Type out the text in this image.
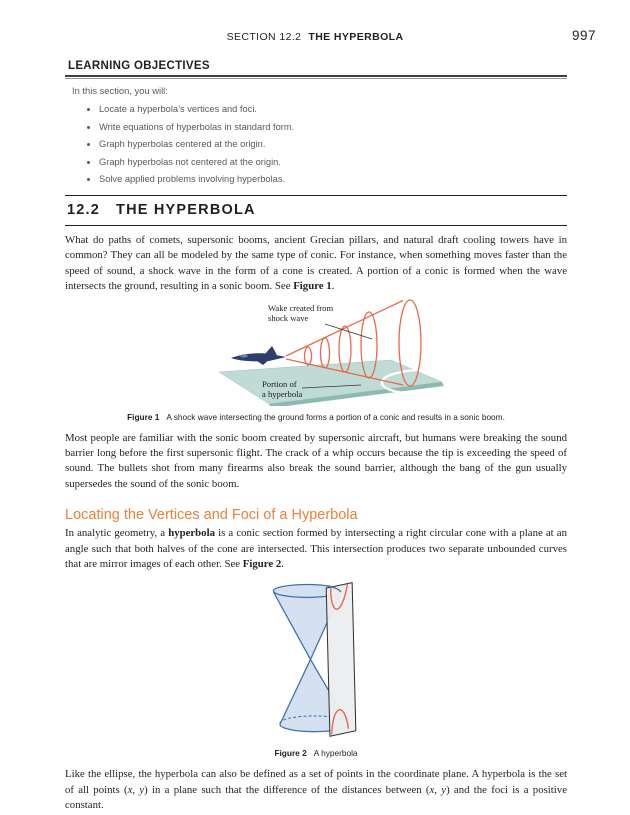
SECTION 12.2 THE HYPERBOLA	997
LEARNING OBJECTIVES
In this section, you will:
• Locate a hyperbola’s vertices and foci.
• Write equations of hyperbolas in standard form.
• Graph hyperbolas centered at the origin.
• Graph hyperbolas not centered at the origin.
• Solve applied problems involving hyperbolas.
12.2 THE HYPERBOLA

What do paths of comets, supersonic booms, ancient Grecian pillars, and natural draft cooling towers have in common? They can all be modeled by the same type of conic. For instance, when something moves faster than the speed of sound, a shock wave in the form of a cone is created. A portion of a conic is formed when the wave intersects the ground, resulting in a sonic boom. See Figure 1.

Wake created from
shock wave
Portion of
a hyperbola
Figure 1 A shock wave intersecting the ground forms a portion of a conic and results in a sonic boom.

Most people are familiar with the sonic boom created by supersonic aircraft, but humans were breaking the sound barrier long before the first supersonic flight. The crack of a whip occurs because the tip is exceeding the speed of sound. The bullets shot from many firearms also break the sound barrier, although the bang of the gun usually supersedes the sound of the sonic boom.

Locating the Vertices and Foci of a Hyperbola

In analytic geometry, a hyperbola is a conic section formed by intersecting a right circular cone with a plane at an angle such that both halves of the cone are intersected. This intersection produces two separate unbounded curves that are mirror images of each other. See Figure 2.

Figure 2 A hyperbola

Like the ellipse, the hyperbola can also be defined as a set of points in the coordinate plane. A hyperbola is the set of all points (x, y) in a plane such that the difference of the distances between (x, y) and the foci is a positive constant.
